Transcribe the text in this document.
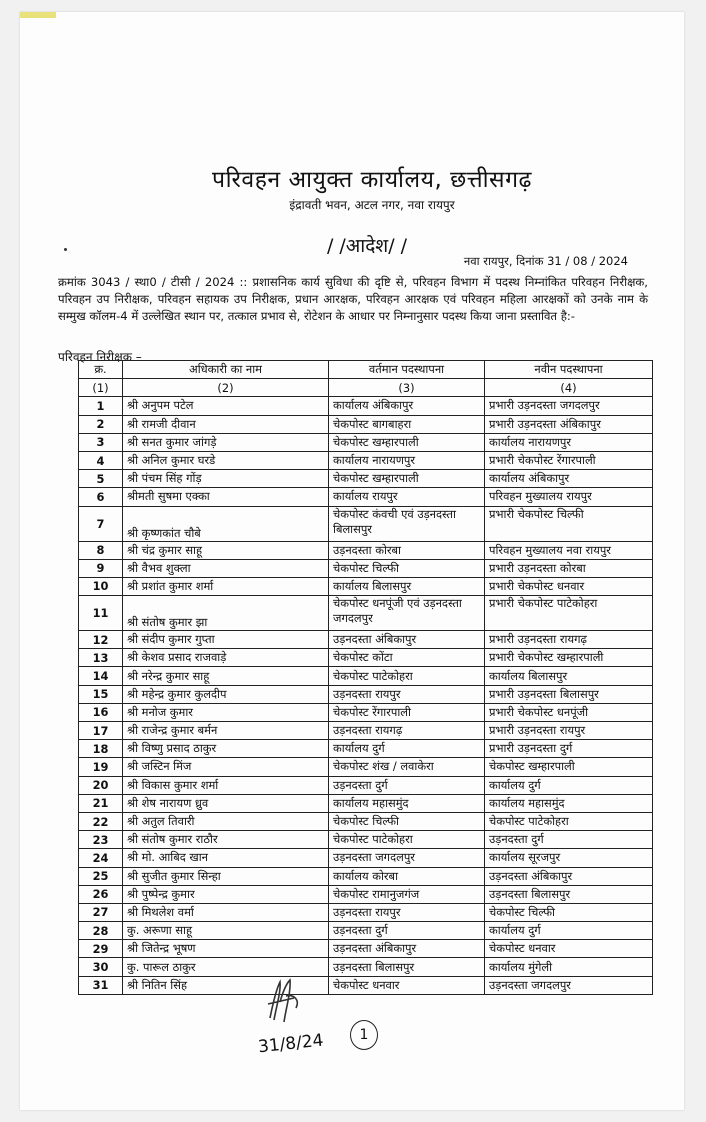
परिवहन आयुक्त कार्यालय, छत्तीसगढ़
इंद्रावती भवन, अटल नगर, नवा रायपुर
/ /आदेश/ /
नवा रायपुर, दिनांक 31 / 08 / 2024
क्रमांक 3043 / स्था0 / टीसी / 2024 :: प्रशासनिक कार्य सुविधा की दृष्टि से, परिवहन विभाग में पदस्थ निम्नांकित परिवहन निरीक्षक, परिवहन उप निरीक्षक, परिवहन सहायक उप निरीक्षक, प्रधान आरक्षक, परिवहन आरक्षक एवं परिवहन महिला आरक्षकों को उनके नाम के सम्मुख कॉलम-4 में उल्लेखित स्थान पर, तत्काल प्रभाव से, रोटेशन के आधार पर निम्नानुसार पदस्थ किया जाना प्रस्तावित है:-
परिवहन निरीक्षक –
क्र.	अधिकारी का नाम	वर्तमान पदस्थापना	नवीन पदस्थापना
(1)	(2)	(3)	(4)
1	श्री अनुपम पटेल	कार्यालय अंबिकापुर	प्रभारी उड़नदस्ता जगदलपुर
2	श्री रामजी दीवान	चेकपोस्ट बागबाहरा	प्रभारी उड़नदस्ता अंबिकापुर
3	श्री सनत कुमार जांगड़े	चेकपोस्ट खम्हारपाली	कार्यालय नारायणपुर
4	श्री अनिल कुमार घरडे	कार्यालय नारायणपुर	प्रभारी चेकपोस्ट रेंगारपाली
5	श्री पंचम सिंह गोंड़	चेकपोस्ट खम्हारपाली	कार्यालय अंबिकापुर
6	श्रीमती सुषमा एक्का	कार्यालय रायपुर	परिवहन मुख्यालय रायपुर
7	श्री कृष्णकांत चौबे	चेकपोस्ट कंवची एवं उड़नदस्ता बिलासपुर	प्रभारी चेकपोस्ट चिल्फी
8	श्री चंद्र कुमार साहू	उड़नदस्ता कोरबा	परिवहन मुख्यालय नवा रायपुर
9	श्री वैभव शुक्ला	चेकपोस्ट चिल्फी	प्रभारी उड़नदस्ता कोरबा
10	श्री प्रशांत कुमार शर्मा	कार्यालय बिलासपुर	प्रभारी चेकपोस्ट धनवार
11	श्री संतोष कुमार झा	चेकपोस्ट धनपूंजी एवं उड़नदस्ता जगदलपुर	प्रभारी चेकपोस्ट पाटेकोहरा
12	श्री संदीप कुमार गुप्ता	उड़नदस्ता अंबिकापुर	प्रभारी उड़नदस्ता रायगढ़
13	श्री केशव प्रसाद राजवाड़े	चेकपोस्ट कोंटा	प्रभारी चेकपोस्ट खम्हारपाली
14	श्री नरेन्द्र कुमार साहू	चेकपोस्ट पाटेकोहरा	कार्यालय बिलासपुर
15	श्री महेन्द्र कुमार कुलदीप	उड़नदस्ता रायपुर	प्रभारी उड़नदस्ता बिलासपुर
16	श्री मनोज कुमार	चेकपोस्ट रेंगारपाली	प्रभारी चेकपोस्ट धनपूंजी
17	श्री राजेन्द्र कुमार बर्मन	उड़नदस्ता रायगढ़	प्रभारी उड़नदस्ता रायपुर
18	श्री विष्णु प्रसाद ठाकुर	कार्यालय दुर्ग	प्रभारी उड़नदस्ता दुर्ग
19	श्री जस्टिन मिंज	चेकपोस्ट शंख / लवाकेरा	चेकपोस्ट खम्हारपाली
20	श्री विकास कुमार शर्मा	उड़नदस्ता दुर्ग	कार्यालय दुर्ग
21	श्री शेष नारायण ध्रुव	कार्यालय महासमुंद	कार्यालय महासमुंद
22	श्री अतुल तिवारी	चेकपोस्ट चिल्फी	चेकपोस्ट पाटेकोहरा
23	श्री संतोष कुमार राठौर	चेकपोस्ट पाटेकोहरा	उड़नदस्ता दुर्ग
24	श्री मो. आबिद खान	उड़नदस्ता जगदलपुर	कार्यालय सूरजपुर
25	श्री सुजीत कुमार सिन्हा	कार्यालय कोरबा	उड़नदस्ता अंबिकापुर
26	श्री पुष्पेन्द्र कुमार	चेकपोस्ट रामानुजगंज	उड़नदस्ता बिलासपुर
27	श्री मिथलेश वर्मा	उड़नदस्ता रायपुर	चेकपोस्ट चिल्फी
28	कु. अरूणा साहू	उड़नदस्ता दुर्ग	कार्यालय दुर्ग
29	श्री जितेन्द्र भूषण	उड़नदस्ता अंबिकापुर	चेकपोस्ट धनवार
30	कु. पारूल ठाकुर	उड़नदस्ता बिलासपुर	कार्यालय मुंगेली
31	श्री नितिन सिंह	चेकपोस्ट धनवार	उड़नदस्ता जगदलपुर
31/8/24	1
